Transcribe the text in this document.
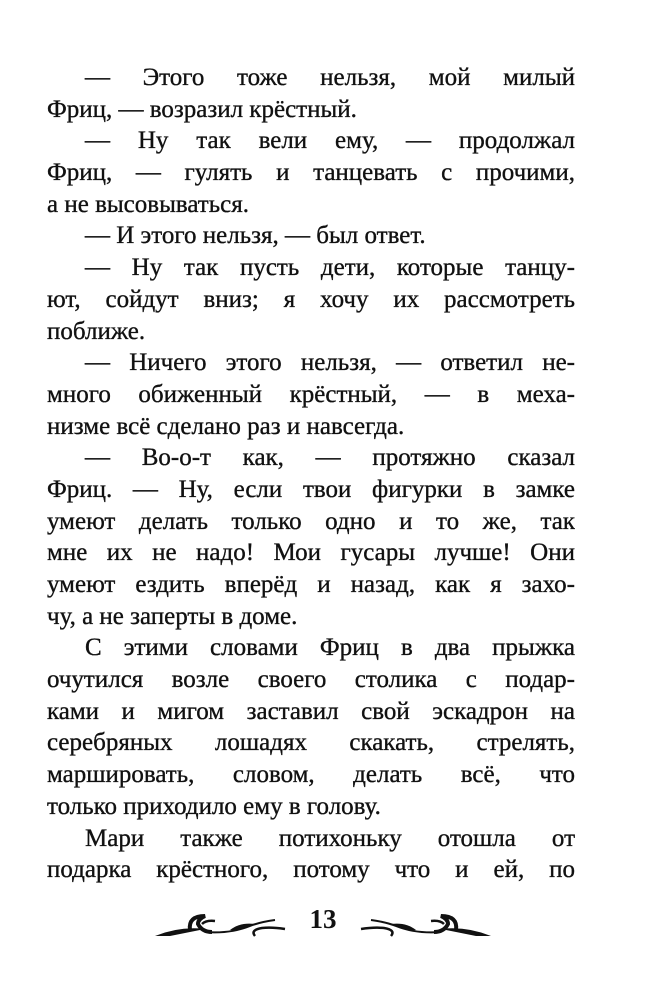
— Этого тоже нельзя, мой милый
Фриц, — возразил крёстный.
— Ну так вели ему, — продолжал
Фриц, — гулять и танцевать с прочими,
а не высовываться.
— И этого нельзя, — был ответ.
— Ну так пусть дети, которые танцу-
ют, сойдут вниз; я хочу их рассмотреть
поближе.
— Ничего этого нельзя, — ответил не-
много обиженный крёстный, — в меха-
низме всё сделано раз и навсегда.
— Во-о-т как, — протяжно сказал
Фриц. — Ну, если твои фигурки в замке
умеют делать только одно и то же, так
мне их не надо! Мои гусары лучше! Они
умеют ездить вперёд и назад, как я захо-
чу, а не заперты в доме.
С этими словами Фриц в два прыжка
очутился возле своего столика с подар-
ками и мигом заставил свой эскадрон на
серебряных лошадях скакать, стрелять,
маршировать, словом, делать всё, что
только приходило ему в голову.
Мари также потихоньку отошла от
подарка крёстного, потому что и ей, по
13
